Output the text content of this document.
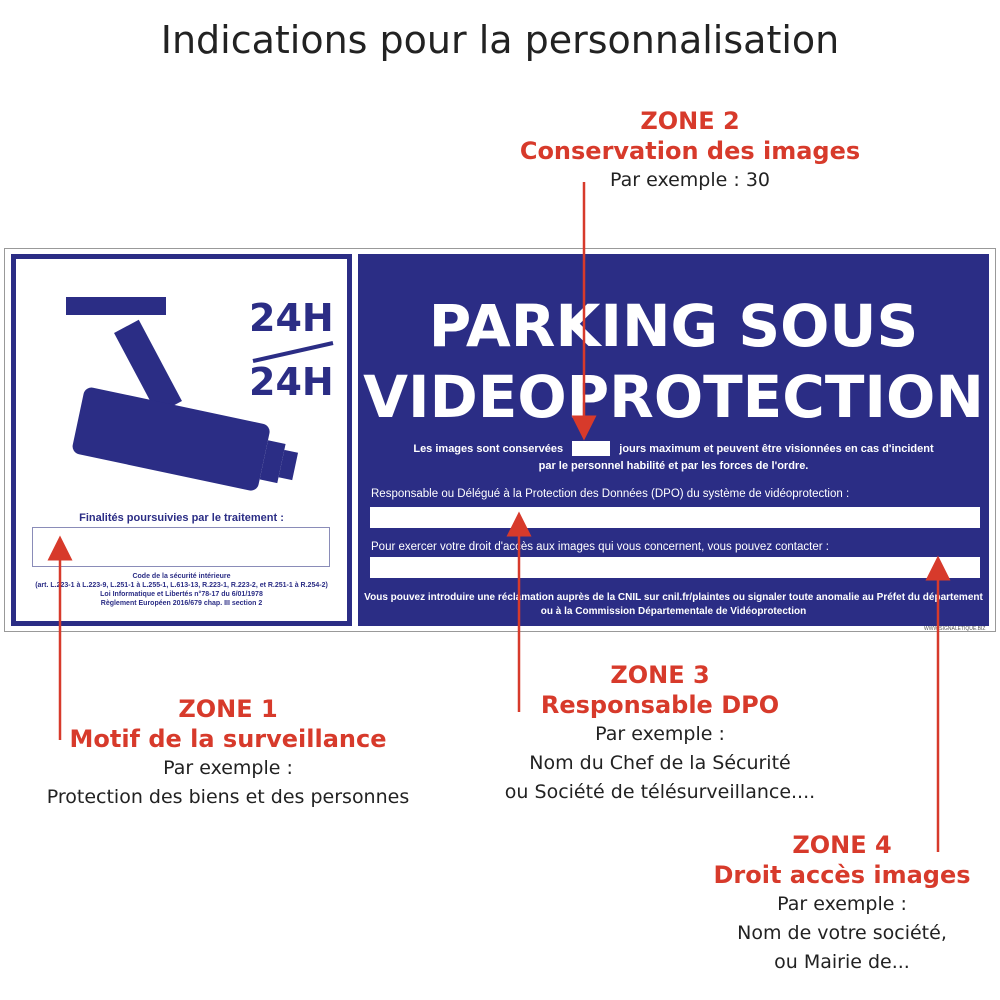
Indications pour la personnalisation
24H
24H
Finalités poursuivies par le traitement :
Code de la sécurité intérieure
(art. L.223-1 à L.223-9, L.251-1 à L.255-1, L.613-13, R.223-1, R.223-2, et R.251-1 à R.254-2)
Loi Informatique et Libertés n°78-17 du 6/01/1978
Règlement Européen 2016/679 chap. III section 2
PARKING SOUS
VIDEOPROTECTION
Les images sont conservées	jours maximum et peuvent être visionnées en cas d'incident
par le personnel habilité et par les forces de l'ordre.
Responsable ou Délégué à la Protection des Données (DPO) du système de vidéoprotection :
Pour exercer votre droit d'accès aux images qui vous concernent, vous pouvez contacter :
Vous pouvez introduire une réclamation auprès de la CNIL sur cnil.fr/plaintes ou signaler toute anomalie au Préfet du département
ou à la Commission Départementale de Vidéoprotection
WWW.SIGNALETIQUE.BIZ
ZONE 2
Conservation des images
Par exemple : 30
ZONE 1
Motif de la surveillance
Par exemple :
Protection des biens et des personnes
ZONE 3
Responsable DPO
Par exemple :
Nom du Chef de la Sécurité
ou Société de télésurveillance....
ZONE 4
Droit accès images
Par exemple :
Nom de votre société,
ou Mairie de...
